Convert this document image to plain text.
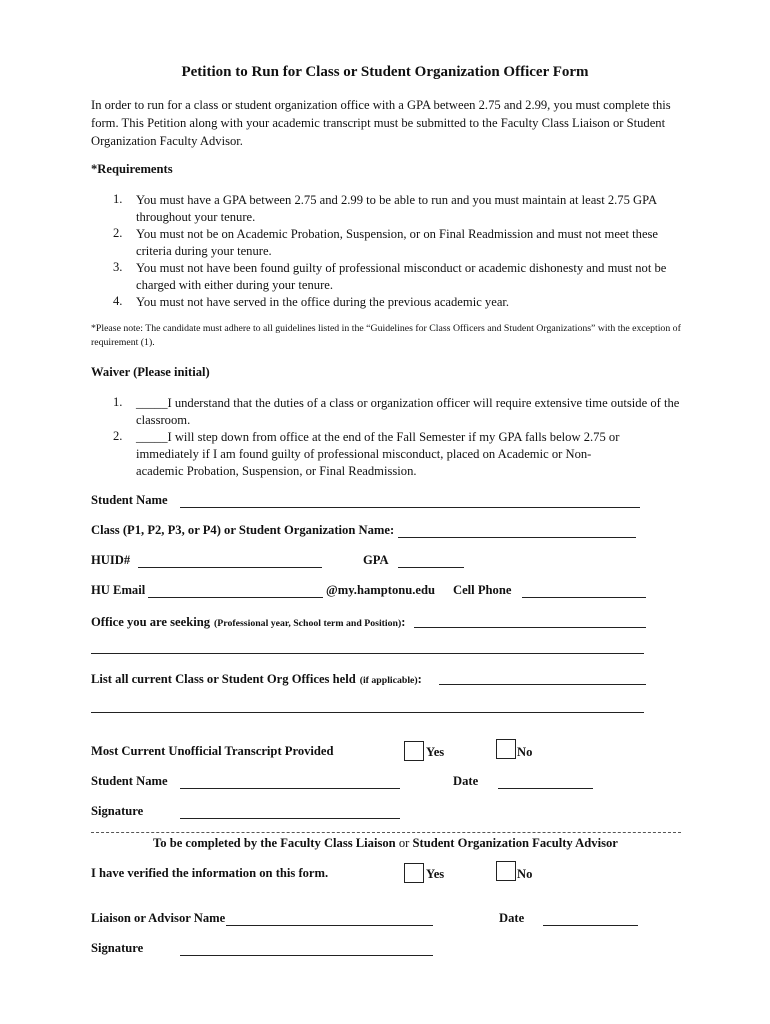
Petition to Run for Class or Student Organization Officer Form
In order to run for a class or student organization office with a GPA between 2.75 and 2.99, you must complete this form. This Petition along with your academic transcript must be submitted to the Faculty Class Liaison or Student Organization Faculty Advisor.
*Requirements
1. You must have a GPA between 2.75 and 2.99 to be able to run and you must maintain at least 2.75 GPA throughout your tenure.
2. You must not be on Academic Probation, Suspension, or on Final Readmission and must not meet these criteria during your tenure.
3. You must not have been found guilty of professional misconduct or academic dishonesty and must not be charged with either during your tenure.
4. You must not have served in the office during the previous academic year.
*Please note: The candidate must adhere to all guidelines listed in the “Guidelines for Class Officers and Student Organizations” with the exception of requirement (1).
Waiver (Please initial)
1. _____I understand that the duties of a class or organization officer will require extensive time outside of the classroom.
2. _____I will step down from office at the end of the Fall Semester if my GPA falls below 2.75 or immediately if I am found guilty of professional misconduct, placed on Academic or Non-academic Probation, Suspension, or Final Readmission.
Student Name
Class (P1, P2, P3, or P4) or Student Organization Name:
HUID#	GPA
HU Email	@my.hamptonu.edu Cell Phone
Office you are seeking (Professional year, School term and Position):
List all current Class or Student Org Offices held (if applicable):
Most Current Unofficial Transcript Provided	Yes	No
Student Name	Date
Signature
To be completed by the Faculty Class Liaison or Student Organization Faculty Advisor
I have verified the information on this form.	Yes	No
Liaison or Advisor Name	Date
Signature
